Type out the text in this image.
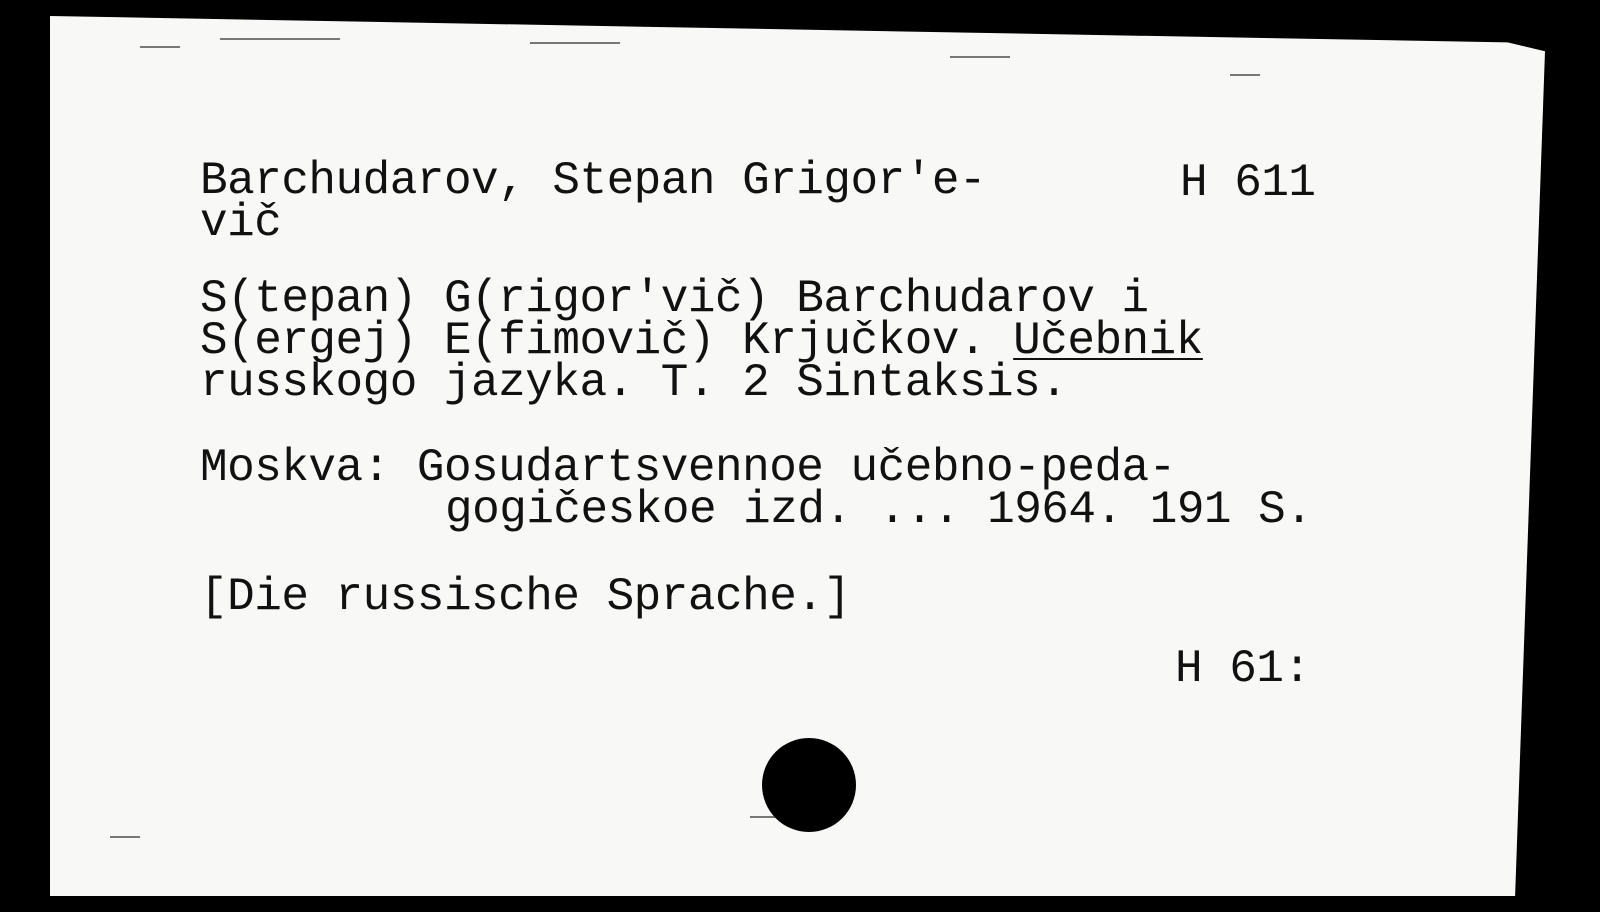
Barchudarov, Stepan Grigor'e-
vič
H 611
S(tepan) G(rigor'vič) Barchudarov i
S(ergej) E(fimovič) Krjučkov. Učebnik
russkogo jazyka. T. 2 Sintaksis.
Moskva: Gosudartsvennoe učebno-peda-
gogičeskoe izd. ... 1964. 191 S.
[Die russische Sprache.]
H 61:
